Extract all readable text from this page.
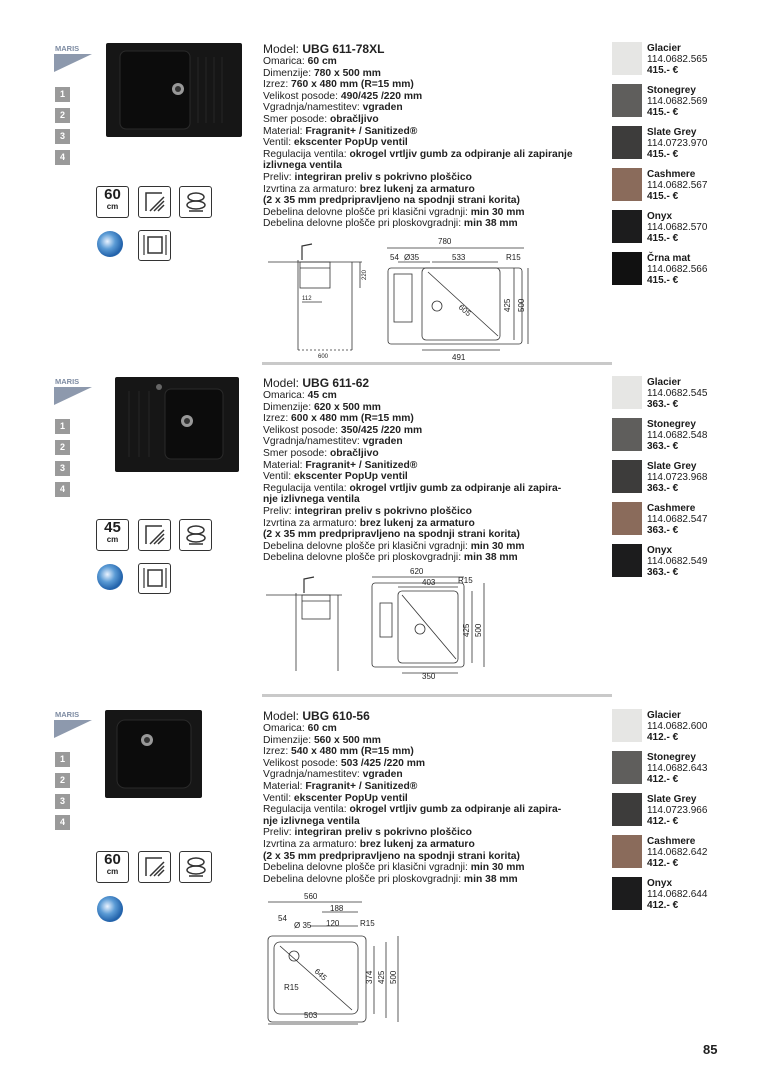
MARIS
1
2
3
4
60
cm
Model: UBG 611-78XL
Omarica: 60 cm
Dimenzije: 780 x 500 mm
Izrez: 760 x 480 mm (R=15 mm)
Velikost posode: 490/425 /220 mm
Vgradnja/namestitev: vgraden
Smer posode: obračljivo
Material: Fragranit+ / Sanitized®
Ventil: ekscenter PopUp ventil
Regulacija ventila: okrogel vrtljiv gumb za odpiranje ali zapiranje
izlivnega ventila
Preliv: integriran preliv s pokrivno ploščico
Izvrtina za armaturo: brez lukenj za armaturo
(2 x 35 mm predpripravljeno na spodnji strani korita)
Debelina delovne plošče pri klasični vgradnji: min 30 mm
Debelina delovne plošče pri ploskovgradnji: min 38 mm
780
54 Ø35	533	R15
605	425 500
491
220
112
600
MARIS
1
2
3
4
45
cm
Model: UBG 611-62
Omarica: 45 cm
Dimenzije: 620 x 500 mm
Izrez: 600 x 480 mm (R=15 mm)
Velikost posode: 350/425 /220 mm
Vgradnja/namestitev: vgraden
Smer posode: obračljivo
Material: Fragranit+ / Sanitized®
Ventil: ekscenter PopUp ventil
Regulacija ventila: okrogel vrtljiv gumb za odpiranje ali zapira-
nje izlivnega ventila
Preliv: integriran preliv s pokrivno ploščico
Izvrtina za armaturo: brez lukenj za armaturo
(2 x 35 mm predpripravljeno na spodnji strani korita)
Debelina delovne plošče pri klasični vgradnji: min 30 mm
Debelina delovne plošče pri ploskovgradnji: min 38 mm
620
403	R15
425 500
350
MARIS
1
2
3
4
60
cm
Model: UBG 610-56
Omarica: 60 cm
Dimenzije: 560 x 500 mm
Izrez: 540 x 480 mm (R=15 mm)
Velikost posode: 503 /425 /220 mm
Vgradnja/namestitev: vgraden
Material: Fragranit+ / Sanitized®
Ventil: ekscenter PopUp ventil
Regulacija ventila: okrogel vrtljiv gumb za odpiranje ali zapira-
nje izlivnega ventila
Preliv: integriran preliv s pokrivno ploščico
Izvrtina za armaturo: brez lukenj za armaturo
(2 x 35 mm predpripravljeno na spodnji strani korita)
Debelina delovne plošče pri klasični vgradnji: min 30 mm
Debelina delovne plošče pri ploskovgradnji: min 38 mm
560
188
54
Ø 35 120	R15
645	374 425 500
R15
503
85
Glacier
114.0682.565
415.- €
Stonegrey
114.0682.569
415.- €
Slate Grey
114.0723.970
415.- €
Cashmere
114.0682.567
415.- €
Onyx
114.0682.570
415.- €
Črna mat
114.0682.566
415.- €
Glacier
114.0682.545
363.- €
Stonegrey
114.0682.548
363.- €
Slate Grey
114.0723.968
363.- €
Cashmere
114.0682.547
363.- €
Onyx
114.0682.549
363.- €
Glacier
114.0682.600
412.- €
Stonegrey
114.0682.643
412.- €
Slate Grey
114.0723.966
412.- €
Cashmere
114.0682.642
412.- €
Onyx
114.0682.644
412.- €
